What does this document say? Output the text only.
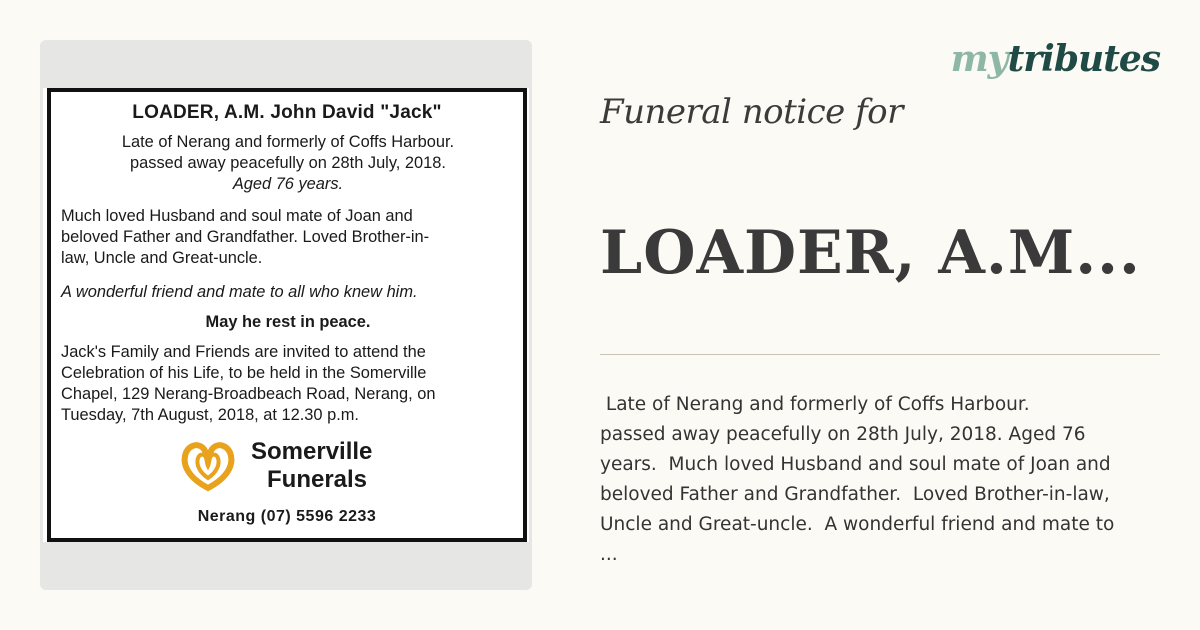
LOADER, A.M. John David "Jack"

Late of Nerang and formerly of Coffs Harbour.
passed away peacefully on 28th July, 2018.
Aged 76 years.

Much loved Husband and soul mate of Joan and
beloved Father and Grandfather. Loved Brother-in-
law, Uncle and Great-uncle.

A wonderful friend and mate to all who knew him.

May he rest in peace.

Jack's Family and Friends are invited to attend the
Celebration of his Life, to be held in the Somerville
Chapel, 129 Nerang-Broadbeach Road, Nerang, on
Tuesday, 7th August, 2018, at 12.30 p.m.

Somerville
Funerals
Nerang (07) 5596 2233
mytributes
Funeral notice for
LOADER, A.M...
Late of Nerang and formerly of Coffs Harbour.
passed away peacefully on 28th July, 2018. Aged 76
years.  Much loved Husband and soul mate of Joan and
beloved Father and Grandfather.  Loved Brother-in-law,
Uncle and Great-uncle.  A wonderful friend and mate to
...
